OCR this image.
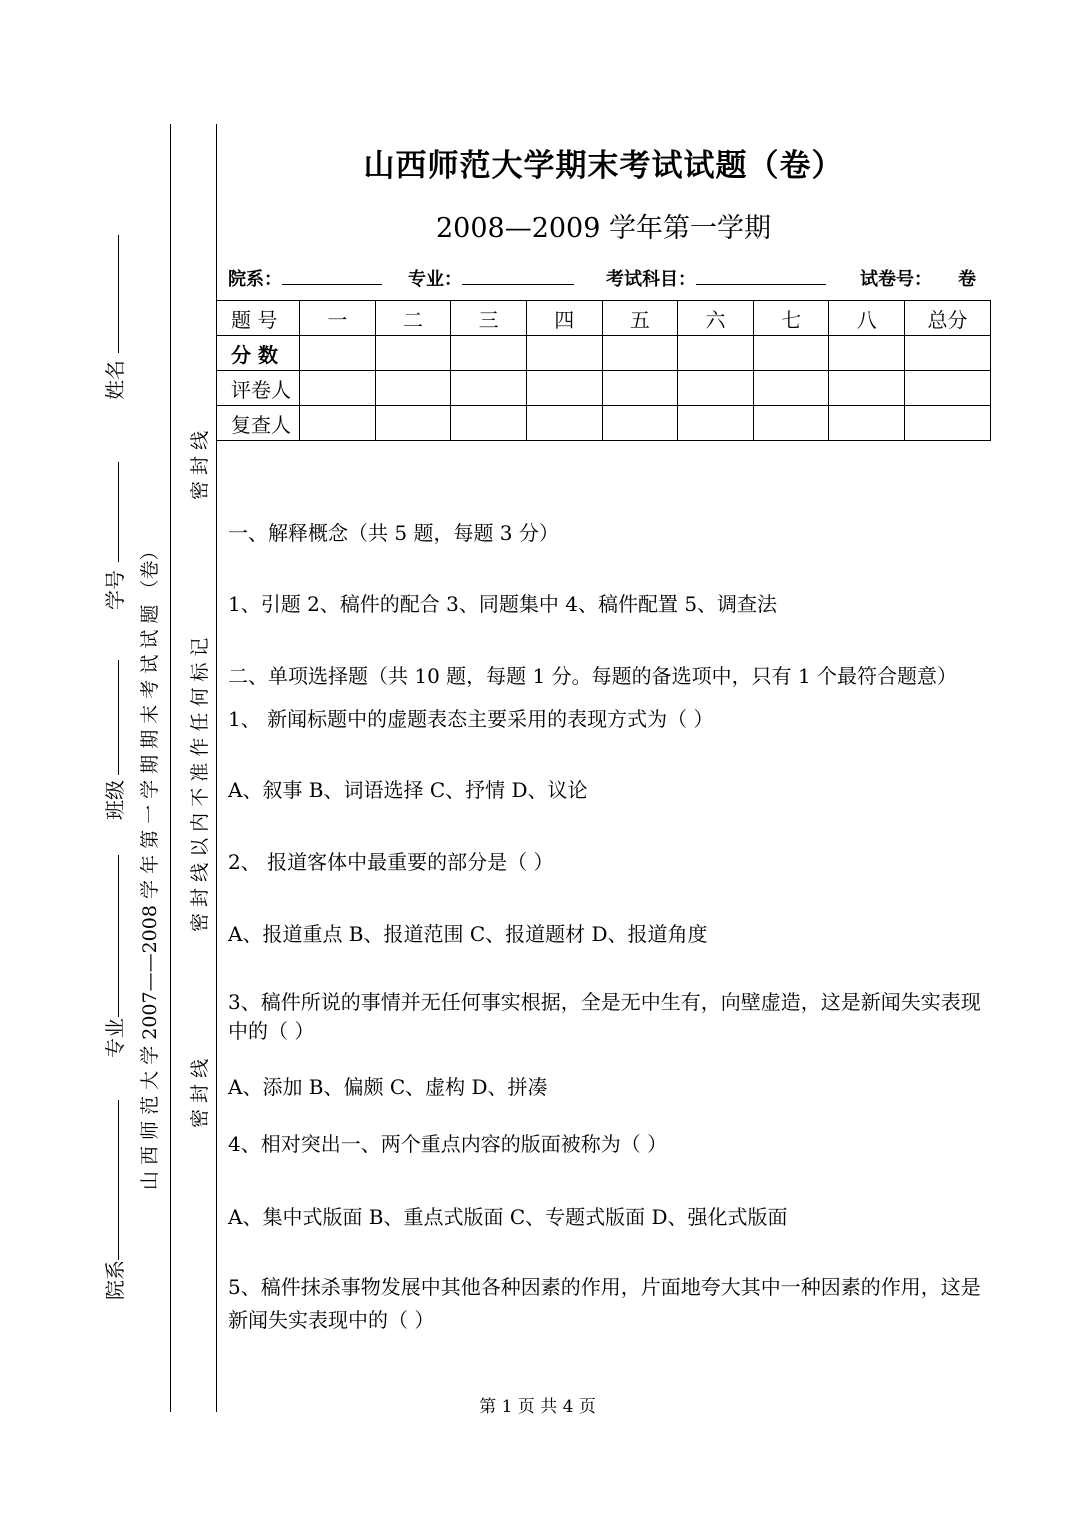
姓名
学号
班级
专业
院系
山 西 师 范 大 学 2007——2008 学 年 第 一 学 期 期 末 考 试 试 题 （卷）
密 封 线
密 封 线 以 内 不 准 作 任 何 标 记
密 封 线
山西师范大学期末考试试题（卷）
2008—2009 学年第一学期
院系：	专业：	考试科目：	试卷号： 卷
题 号	一	二	三	四	五	六	七	八	总分
分 数									
评卷人									
复查人									
一、解释概念（共 5 题，每题 3 分）
1、引题 2、稿件的配合 3、同题集中 4、稿件配置 5、调查法
二、单项选择题（共 10 题，每题 1 分。每题的备选项中，只有 1 个最符合题意）
1、 新闻标题中的虚题表态主要采用的表现方式为（ ）
A、叙事 B、词语选择 C、抒情 D、议论
2、 报道客体中最重要的部分是（ ）
A、报道重点 B、报道范围 C、报道题材 D、报道角度
3、稿件所说的事情并无任何事实根据，全是无中生有，向壁虚造，这是新闻失实表现中的（ ）
A、添加 B、偏颇 C、虚构 D、拼凑
4、相对突出一、两个重点内容的版面被称为（ ）
A、集中式版面 B、重点式版面 C、专题式版面 D、强化式版面
5、稿件抹杀事物发展中其他各种因素的作用，片面地夸大其中一种因素的作用，这是新闻失实表现中的（ ）
第 1 页 共 4 页
